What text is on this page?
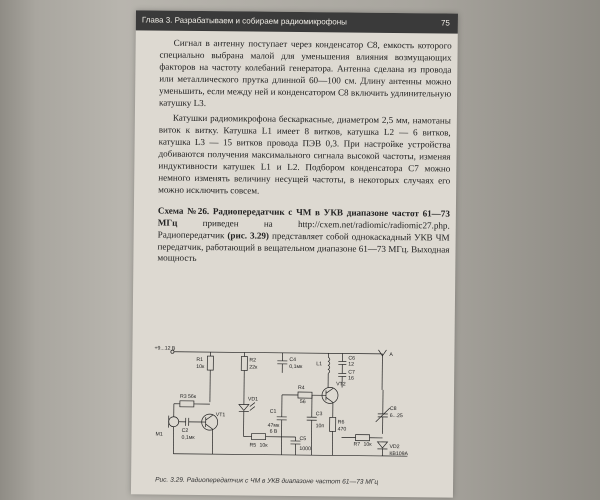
Глава 3. Разрабатываем и собираем радиомикрофоны	75

Сигнал в антенну поступает через конденсатор С8, емкость которого специально выбрана малой для уменьшения влияния возмущающих факторов на частоту колебаний генератора. Антенна сделана из провода или металлического прутка длинной 60—100 см. Длину антенны можно уменьшить, если между ней и конденсатором С8 включить удлинительную катушку L3.

Катушки радиомикрофона бескаркасные, диаметром 2,5 мм, намотаны виток к витку. Катушка L1 имеет 8 витков, катушка L2 — 6 витков, катушка L3 — 15 витков провода ПЭВ 0,3. При настройке устройства добиваются получения максимального сигнала высокой частоты, изменяя индуктивности катушек L1 и L2. Подбором конденсатора С7 можно немного изменять величину несущей частоты, в некоторых случаях его можно исключить совсем.

Схема №26. Радиопередатчик с ЧМ в УКВ диапазоне частот 61—73 МГц	приведен на http://cxem.net/radiomic/radiomic27.php. Радиопередатчик (рис. 3.29) представляет собой однокаскадный УКВ ЧМ передатчик, работающий в вещательном диапазоне 61—73 МГц. Выходная мощность

+9...12 В
R1
10к
R2
22к
C4
0,1мк	L1
C6
12
C7
16
A
R3 56к
M1
C2
0,1мк
VT1
VD1
C1
47мк
6 В
R4
56
C3
10п
VT2
R6
470
C8
6...25
R5 10к
C5
1000
R7 10к	VD2
КВ109А
Рис. 3.29. Радиопередатчик с ЧМ в УКВ диапазоне частот 61—73 МГц
